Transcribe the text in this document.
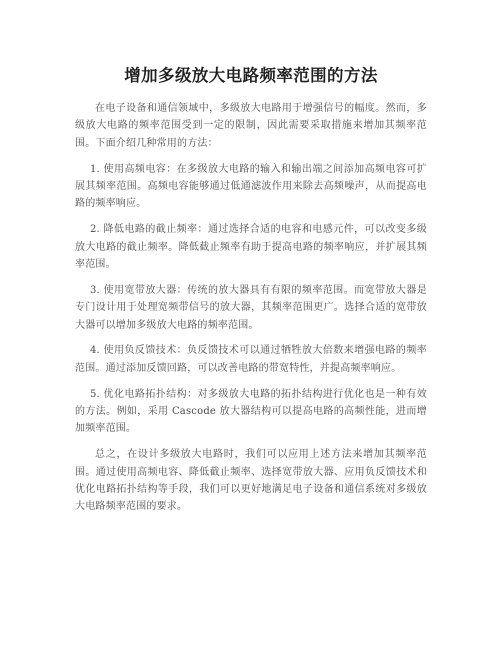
增加多级放大电路频率范围的方法

在电子设备和通信领域中，多级放大电路用于增强信号的幅度。然而，多级放大电路的频率范围受到一定的限制，因此需要采取措施来增加其频率范围。下面介绍几种常用的方法：

1. 使用高频电容：在多级放大电路的输入和输出端之间添加高频电容可扩展其频率范围。高频电容能够通过低通滤波作用来除去高频噪声，从而提高电路的频率响应。

2. 降低电路的截止频率：通过选择合适的电容和电感元件，可以改变多级放大电路的截止频率。降低截止频率有助于提高电路的频率响应，并扩展其频率范围。

3. 使用宽带放大器：传统的放大器具有有限的频率范围。而宽带放大器是专门设计用于处理宽频带信号的放大器，其频率范围更广。选择合适的宽带放大器可以增加多级放大电路的频率范围。

4. 使用负反馈技术：负反馈技术可以通过牺牲放大倍数来增强电路的频率范围。通过添加反馈回路，可以改善电路的带宽特性，并提高频率响应。

5. 优化电路拓扑结构：对多级放大电路的拓扑结构进行优化也是一种有效的方法。例如，采用 Cascode 放大器结构可以提高电路的高频性能，进而增加频率范围。

总之，在设计多级放大电路时，我们可以应用上述方法来增加其频率范围。通过使用高频电容、降低截止频率、选择宽带放大器、应用负反馈技术和优化电路拓扑结构等手段，我们可以更好地满足电子设备和通信系统对多级放大电路频率范围的要求。
